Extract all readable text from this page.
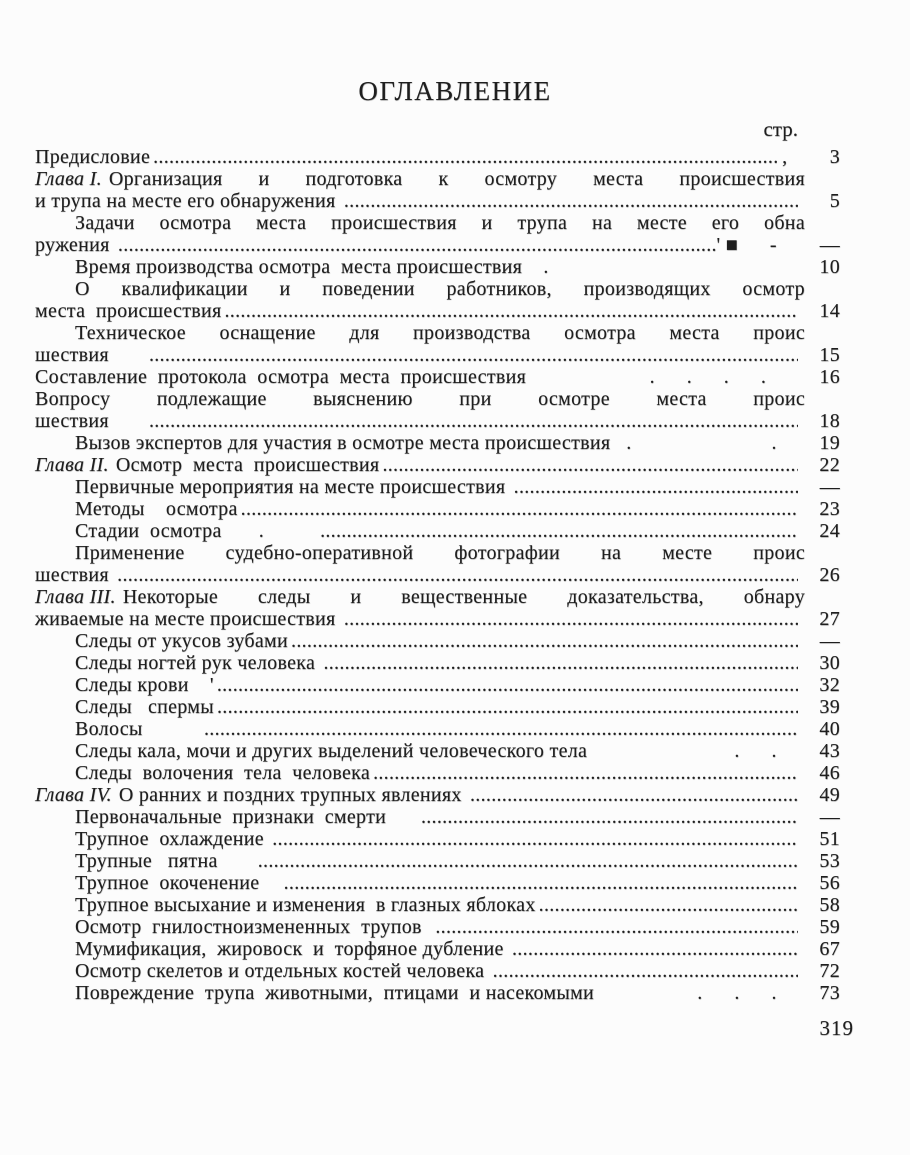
ОГЛАВЛЕНИЕ
стр.
Предисловие .....	,	3
Глава I. Организация и подготовка к осмотру места происшествия
и трупа на месте его обнаружения .....	5
Задачи осмотра места происшествия и трупа на месте его обна
ружения .....	' ■      -	—
Время производства осмотра  места происшествия    .	10
О квалификации и поведении работников, производящих осмотр
места  происшествия .....	14
Техническое оснащение для производства осмотра места проис
шествия .....	15
Составление  протокола  осмотра  места  происшествия	.      .      .      .	16
Вопросу подлежащие выяснению при осмотре места проис
шествия .....	18
Вызов экспертов для участия в осмотре места происшествия   .	.	19
Глава II. Осмотр  места  происшествия .....	22
Первичные мероприятия на месте происшествия .....	—
Методы    осмотра .....	23
Стадии  осмотра       . .....	24
Применение судебно-оперативной фотографии на месте проис
шествия .....	26
Глава III. Некоторые следы и вещественные доказательства, обнару
живаемые на месте происшествия .....	27
Следы от укусов зубами .....	—
Следы ногтей рук человека .....	30
Следы крови    ' .....	32
Следы   спермы .....	39
Волосы .....	40
Следы кала, мочи и других выделений человеческого тела	.      .	43
Следы  волочения  тела  человека .....	46
Глава IV. О ранних и поздних трупных явлениях .....	49
Первоначальные  признаки  смерти .....	—
Трупное  охлаждение .....	51
Трупные   пятна .....	53
Трупное  окоченение .....	56
Трупное высыхание и изменения  в глазных яблоках .....	58
Осмотр  гнилостноизмененных  трупов .....	59
Мумификация,  жировоск  и  торфяное дубление .....	67
Осмотр скелетов и отдельных костей человека .....	72
Повреждение  трупа  животными,  птицами  и насекомыми	.      .      .	73
319
